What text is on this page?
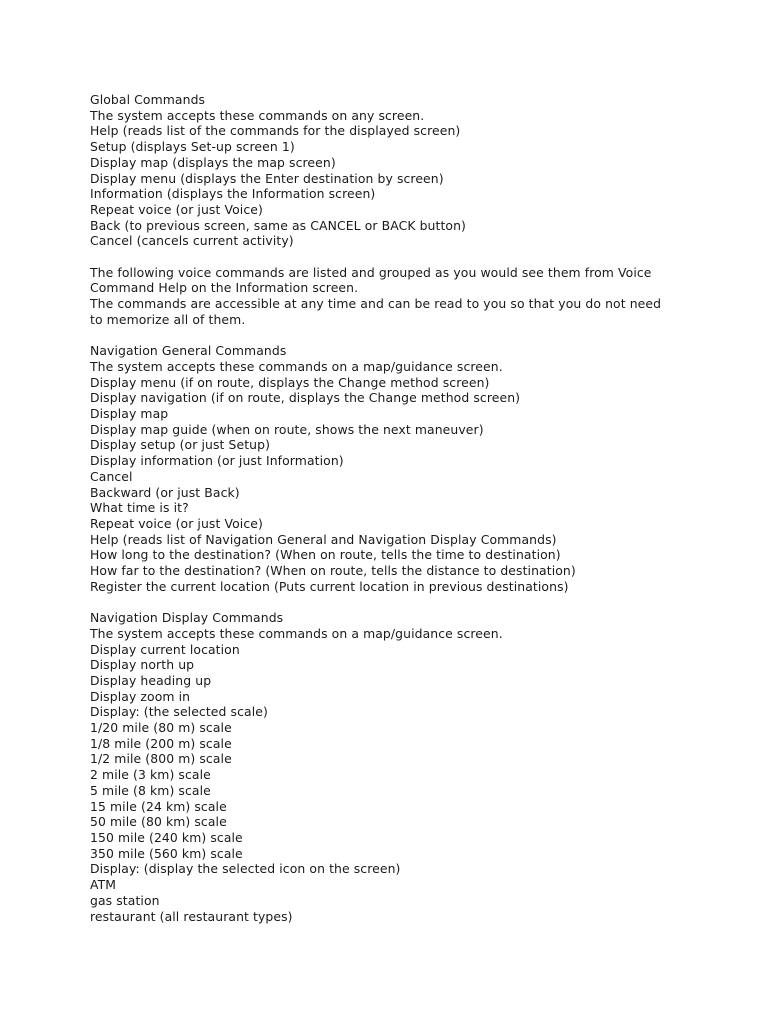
Global Commands
The system accepts these commands on any screen.
Help (reads list of the commands for the displayed screen)
Setup (displays Set-up screen 1)
Display map (displays the map screen)
Display menu (displays the Enter destination by screen)
Information (displays the Information screen)
Repeat voice (or just Voice)
Back (to previous screen, same as CANCEL or BACK button)
Cancel (cancels current activity)
The following voice commands are listed and grouped as you would see them from Voice
Command Help on the Information screen.
The commands are accessible at any time and can be read to you so that you do not need
to memorize all of them.
Navigation General Commands
The system accepts these commands on a map/guidance screen.
Display menu (if on route, displays the Change method screen)
Display navigation (if on route, displays the Change method screen)
Display map
Display map guide (when on route, shows the next maneuver)
Display setup (or just Setup)
Display information (or just Information)
Cancel
Backward (or just Back)
What time is it?
Repeat voice (or just Voice)
Help (reads list of Navigation General and Navigation Display Commands)
How long to the destination? (When on route, tells the time to destination)
How far to the destination? (When on route, tells the distance to destination)
Register the current location (Puts current location in previous destinations)
Navigation Display Commands
The system accepts these commands on a map/guidance screen.
Display current location
Display north up
Display heading up
Display zoom in
Display: (the selected scale)
1/20 mile (80 m) scale
1/8 mile (200 m) scale
1/2 mile (800 m) scale
2 mile (3 km) scale
5 mile (8 km) scale
15 mile (24 km) scale
50 mile (80 km) scale
150 mile (240 km) scale
350 mile (560 km) scale
Display: (display the selected icon on the screen)
ATM
gas station
restaurant (all restaurant types)
